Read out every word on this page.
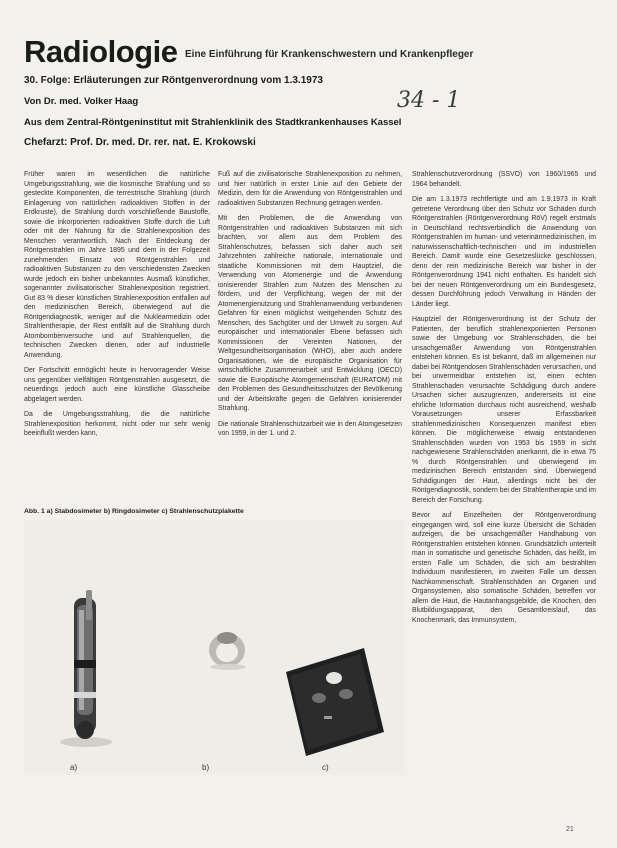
Radiologie Eine Einführung für Krankenschwestern und Krankenpfleger
30. Folge: Erläuterungen zur Röntgenverordnung vom 1.3.1973
Von Dr. med. Volker Haag
Aus dem Zentral-Röntgeninstitut mit Strahlenklinik des Stadtkrankenhauses Kassel
Chefarzt: Prof. Dr. med. Dr. rer. nat. E. Krokowski
34 - 1

Früher waren im wesentlichen die natürliche Umgebungsstrahlung, wie die kosmische Strahlung und so gesteckte Komponenten, die terrestrische Strahlung (durch Einlagerung von natürlichen radioaktiven Stoffen in der Erdkruste), die Strahlung durch vorschließende Baustoffe, sowie die inkorporierten radioaktiven Stoffe durch die Luft oder mit der Nahrung für die Strahlenexposition des Menschen verantwortlich. Nach der Entdeckung der Röntgenstrahlen im Jahre 1895 und dem in der Folgezeit zunehmenden Einsatz von Röntgenstrahlen und radioaktiven Substanzen zu den verschiedensten Zwecken wurde jedoch ein bisher unbekanntes Ausmaß künstlicher, sogenannter zivilisatorischer Strahlenexposition registriert. Gut 83 % dieser künstlichen Strahlenexposition entfallen auf den medizinischen Bereich, überwiegend auf die Röntgendiagnostik, weniger auf die Nuklearmedizin oder Strahlentherapie, der Rest entfällt auf die Strahlung durch Atombombenversuche und auf Strahlenquellen, die technischen Zwecken dienen, oder auf industrielle Anwendung.

Der Fortschritt ermöglicht heute in hervorragender Weise uns gegenüber vielfältigen Röntgenstrahlen ausgesetzt, die neuerdings jedoch auch eine künstliche Glasscheibe abgelagert werden.

Da die Umgebungsstrahlung, die die natürliche Strahlenexposition herkommt, nicht oder nur sehr wenig beeinflußt werden kann,

Fuß auf die zivilisatorische Strahlenexposition zu nehmen, und hier natürlich in erster Linie auf den Gebiete der Medizin, dem für die Anwendung von Röntgenstrahlen und radioaktiven Substanzen Rechnung getragen werden.

Mit den Problemen, die die Anwendung von Röntgenstrahlen und radioaktiven Substanzen mit sich brachten, vor allem aus dem Problem des Strahlenschutzes, befassen sich daher auch seit Jahrzehnten zahlreiche nationale, internationale und staatliche Kommissionen mit dem Hauptziel, die Verwendung von Atomenergie und die Anwendung ionisierender Strahlen zum Nutzen des Menschen zu fördern, und der Verpflichtung, wegen der mit der Atomenergienutzung und Strahlenanwendung verbundenen Gefahren für einen möglichst weitgehenden Schutz des Menschen, des Sachgüter und der Umwelt zu sorgen. Auf europäischer und internationaler Ebene befassen sich Kommissionen der Vereinten Nationen, der Weltgesundheitsorganisation (WHO), aber auch andere Organisationen, wie die europäische Organisation für wirtschaftliche Zusammenarbeit und Entwicklung (OECD) sowie die Europäische Atomgemeinschaft (EURATOM) mit den Problemen des Gesundheitsschutzes der Bevölkerung und der Arbeitskräfte gegen die Gefahren ionisierender Strahlung.

Die nationale Strahlenschutzarbeit wie in den Atomgesetzen von 1959, in der 1. und 2.

Strahlenschutzverordnung (SSVO) von 1960/1965 und 1964 behandelt.

Die am 1.3.1973 rechtfertigte und am 1.9.1973 in Kraft getretene Verordnung über den Schutz vor Schäden durch Röntgenstrahlen (Röntgenverordnung RöV) regelt erstmals in Deutschland rechtsverbindlich die Anwendung von Röntgenstrahlen im human- und veterinärmedizinischen, im naturwissenschaftlich-technischen und im industriellen Bereich. Damit wurde eine Gesetzeslücke geschlossen, denn der rein medizinische Bereich war bisher in der Röntgenverordnung 1941 nicht enthalten. Es handelt sich bei der neuen Röntgenverordnung um ein Bundesgesetz, dessen Durchführung jedoch Verwaltung in Händen der Länder liegt.

Hauptziel der Röntgenverordnung ist der Schutz der Patienten, der beruflich strahlenexponierten Personen sowie der Umgebung vor Strahlenschäden, die bei unsachgemäßer Anwendung von Röntgenstrahlen entstehen können. Es ist bekannt, daß im allgemeinen nur dabei bei Röntgendosen Strahlenschäden verursachen, und bei unvermeidbar entstehen ist, einen echten Strahlenschaden verursachte Schädigung durch andere Ursachen sicher auszugrenzen, andererseits ist eine ehrliche Information durchaus nicht ausreichend, weshalb Vorausetzungen unserer Erfassbarkeit strahlenmedizinischen Konsequenzen manifest eben können. Die möglicherweise etwaig entstandenen Strahlenschäden wurden von 1953 bis 1959 in sicht nachgewiesene Strahlenschäden anerkannt, die in etwa 75 % durch Röntgenstrahlen und überwiegend im medizinischen Bereich entstanden sind. Überwiegend Schädigungen der Haut, allerdings nicht bei der Röntgendiagnostik, sondern bei der Strahlentherapie und im Bereich der Forschung.

Bevor auf Einzelheiten der Röntgenverordnung eingegangen wird, soll eine kurze Übersicht die Schäden aufzeigen, die bei unsachgemäßer Handhabung von Röntgenstrahlen entstehen können. Grundsätzlich unterteilt man in somatische und genetische Schäden, das heißt, im ersten Falle um Schäden, die sich am bestrahlten Individuum manifestieren, im zweiten Falle um dessen Nachkommenschaft. Strahlenschäden an Organen und Organsystemen, also somatische Schäden, betreffen vor allem die Haut, die Hautanhangsgebilde, die Knochen, den Blutbildungsapparat, den Gesamtkreislauf, das Knochenmark, das Immunsystem,

Abb. 1 a) Stabdosimeter b) Ringdosimeter c) Strahlenschutzplakette
a)	b)	c)
21
